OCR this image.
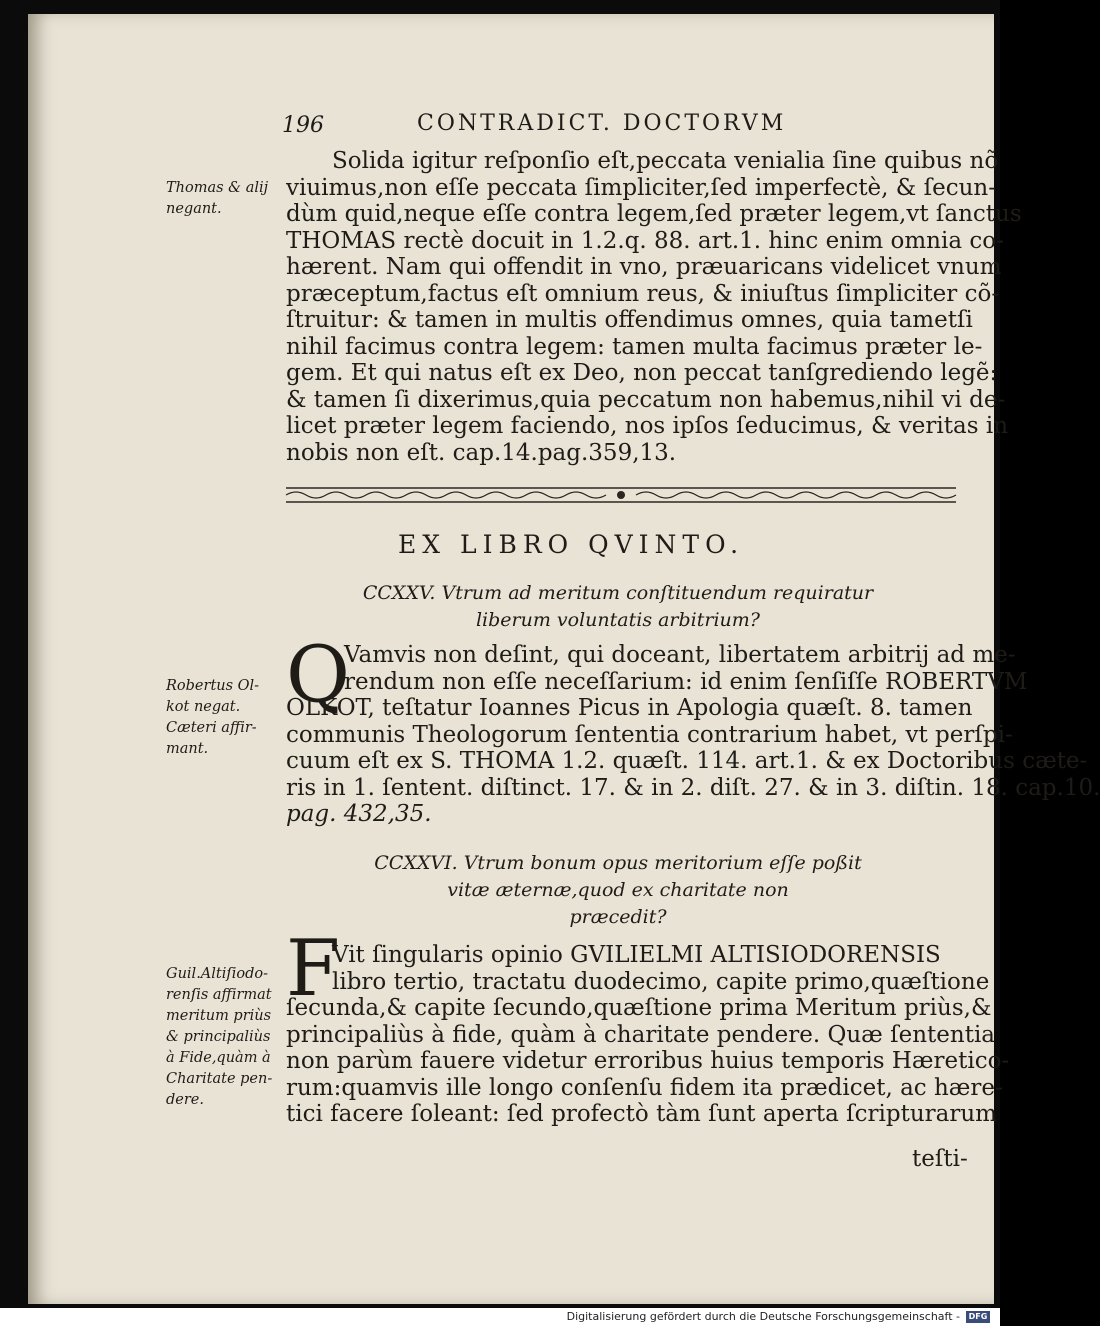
196	CONTRADICT. DOCTORVM
Thomas & alij
negant.
Solida igitur reſponſio eſt,peccata venialia ſine quibus nõ
viuimus,non eſſe peccata ſimpliciter,ſed imperfectè, & ſecun-
dùm quid,neque eſſe contra legem,ſed præter legem,vt ſanctus
THOMAS rectè docuit in 1.2.q. 88. art.1. hinc enim omnia co-
hærent. Nam qui offendit in vno, præuaricans videlicet vnum
præceptum,factus eſt omnium reus, & iniuſtus ſimpliciter cõ-
ſtruitur: & tamen in multis offendimus omnes, quia tametſi
nihil facimus contra legem: tamen multa facimus præter le-
gem. Et qui natus eſt ex Deo, non peccat tanſgrediendo legẽ:
& tamen ſi dixerimus,quia peccatum non habemus,nihil vi de-
licet præter legem faciendo, nos ipſos ſeducimus, & veritas in
nobis non eſt. cap.14.pag.359,13.
EX LIBRO QVINTO.
CCXXV. Vtrum ad meritum conſtituendum requiratur
liberum voluntatis arbitrium?
Q
Robertus Ol-
kot negat.
Cæteri affir-
mant.
Vamvis non deſint, qui doceant, libertatem arbitrij ad me-
rendum non eſſe neceſſarium: id enim ſenſiſſe ROBERTVM
OLKOT, teſtatur Ioannes Picus in Apologia quæſt. 8. tamen
communis Theologorum ſententia contrarium habet, vt perſpi-
cuum eſt ex S. THOMA 1.2. quæſt. 114. art.1. & ex Doctoribus cæte-
ris in 1. ſentent. diſtinct. 17. & in 2. diſt. 27. & in 3. diſtin. 18. cap.10.
pag. 432,35.
CCXXVI. Vtrum bonum opus meritorium eſſe poßit
vitæ æternæ,quod ex charitate non
præcedit?
F
Guil.Altiſiodo-
renſis affirmat
meritum priùs
& principaliùs
à Fide,quàm à
Charitate pen-
dere.
Vit ſingularis opinio GVILIELMI ALTISIODORENSIS
libro tertio, tractatu duodecimo, capite primo,quæſtione
ſecunda,& capite ſecundo,quæſtione prima Meritum priùs,&
principaliùs à fide, quàm à charitate pendere. Quæ ſententia
non parùm fauere videtur erroribus huius temporis Hæretico-
rum:quamvis ille longo conſenſu fidem ita prædicet, ac hære-
tici facere ſoleant: ſed profectò tàm ſunt aperta ſcripturarum
teſti-
Digitalisierung gefördert durch die Deutsche Forschungsgemeinschaft -	DFG
